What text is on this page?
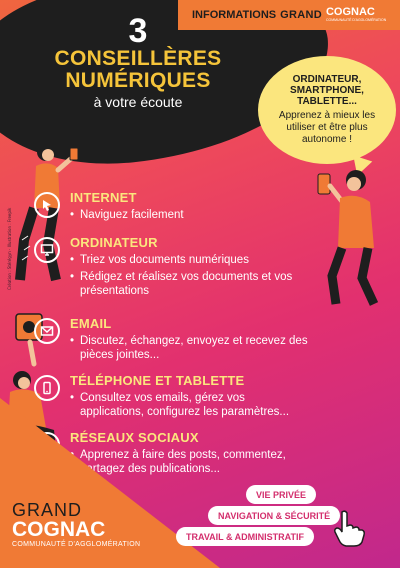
INFORMATIONS GRAND COGNAC
COMMUNAUTÉ D'AGGLOMÉRATION
3
CONSEILLÈRES
NUMÉRIQUES
à votre écoute
ORDINATEUR,
SMARTPHONE,
TABLETTE...
Apprenez à mieux les utiliser et être plus autonome !
INTERNET
• Naviguez facilement
ORDINATEUR
• Triez vos documents numériques
• Rédigez et réalisez vos documents et vos présentations
EMAIL
• Discutez, échangez, envoyez et recevez des pièces jointes...
TÉLÉPHONE ET TABLETTE
• Consultez vos emails, gérez vos applications, configurez les paramètres...
RÉSEAUX SOCIAUX
• Apprenez à faire des posts, commentez, partagez des publications...
Création : Stérégyn · Illustration : Freepik
GRAND
COGNAC
COMMUNAUTÉ D'AGGLOMÉRATION
VIE PRIVÉE
NAVIGATION & SÉCURITÉ
TRAVAIL & ADMINISTRATIF
